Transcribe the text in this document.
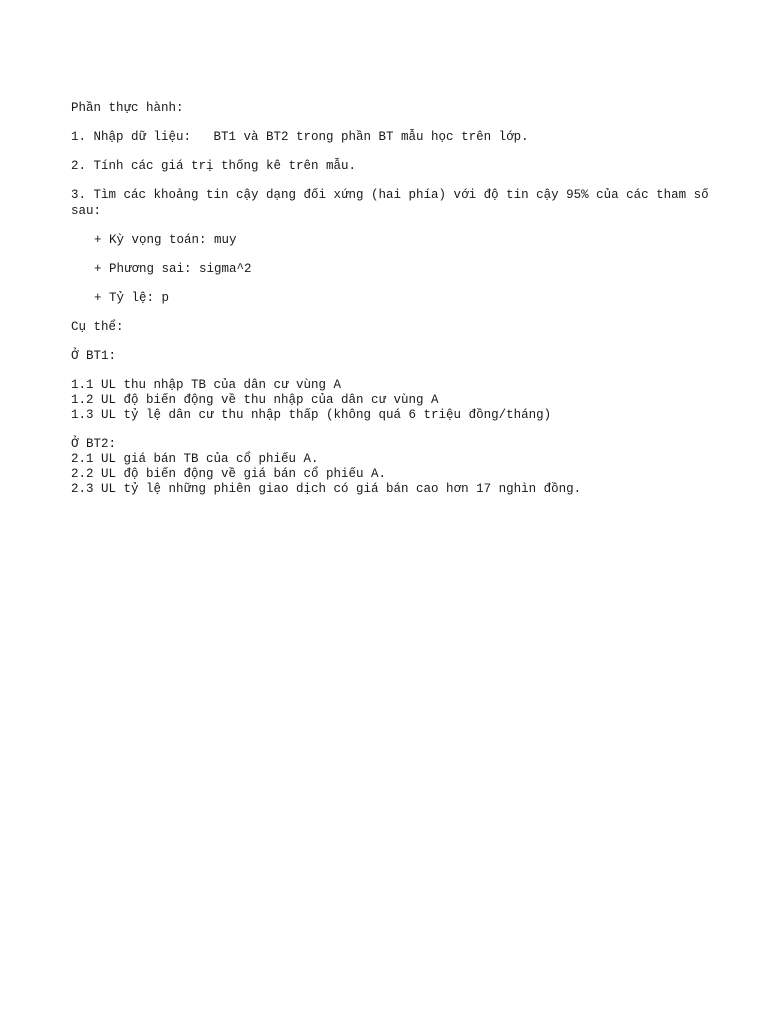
Phần thực hành:
1. Nhập dữ liệu:   BT1 và BT2 trong phần BT mẫu học trên lớp.
2. Tính các giá trị thống kê trên mẫu.
3. Tìm các khoảng tin cậy dạng đối xứng (hai phía) với độ tin cậy 95% của các tham số sau:
+ Kỳ vọng toán: muy
+ Phương sai: sigma^2
+ Tỷ lệ: p
Cụ thể:
Ở BT1:
1.1 UL thu nhập TB của dân cư vùng A
1.2 UL độ biến động về thu nhập của dân cư vùng A
1.3 UL tỷ lệ dân cư thu nhập thấp (không quá 6 triệu đồng/tháng)
Ở BT2:
2.1 UL giá bán TB của cổ phiếu A.
2.2 UL độ biến động về giá bán cổ phiếu A.
2.3 UL tỷ lệ những phiên giao dịch có giá bán cao hơn 17 nghìn đồng.
